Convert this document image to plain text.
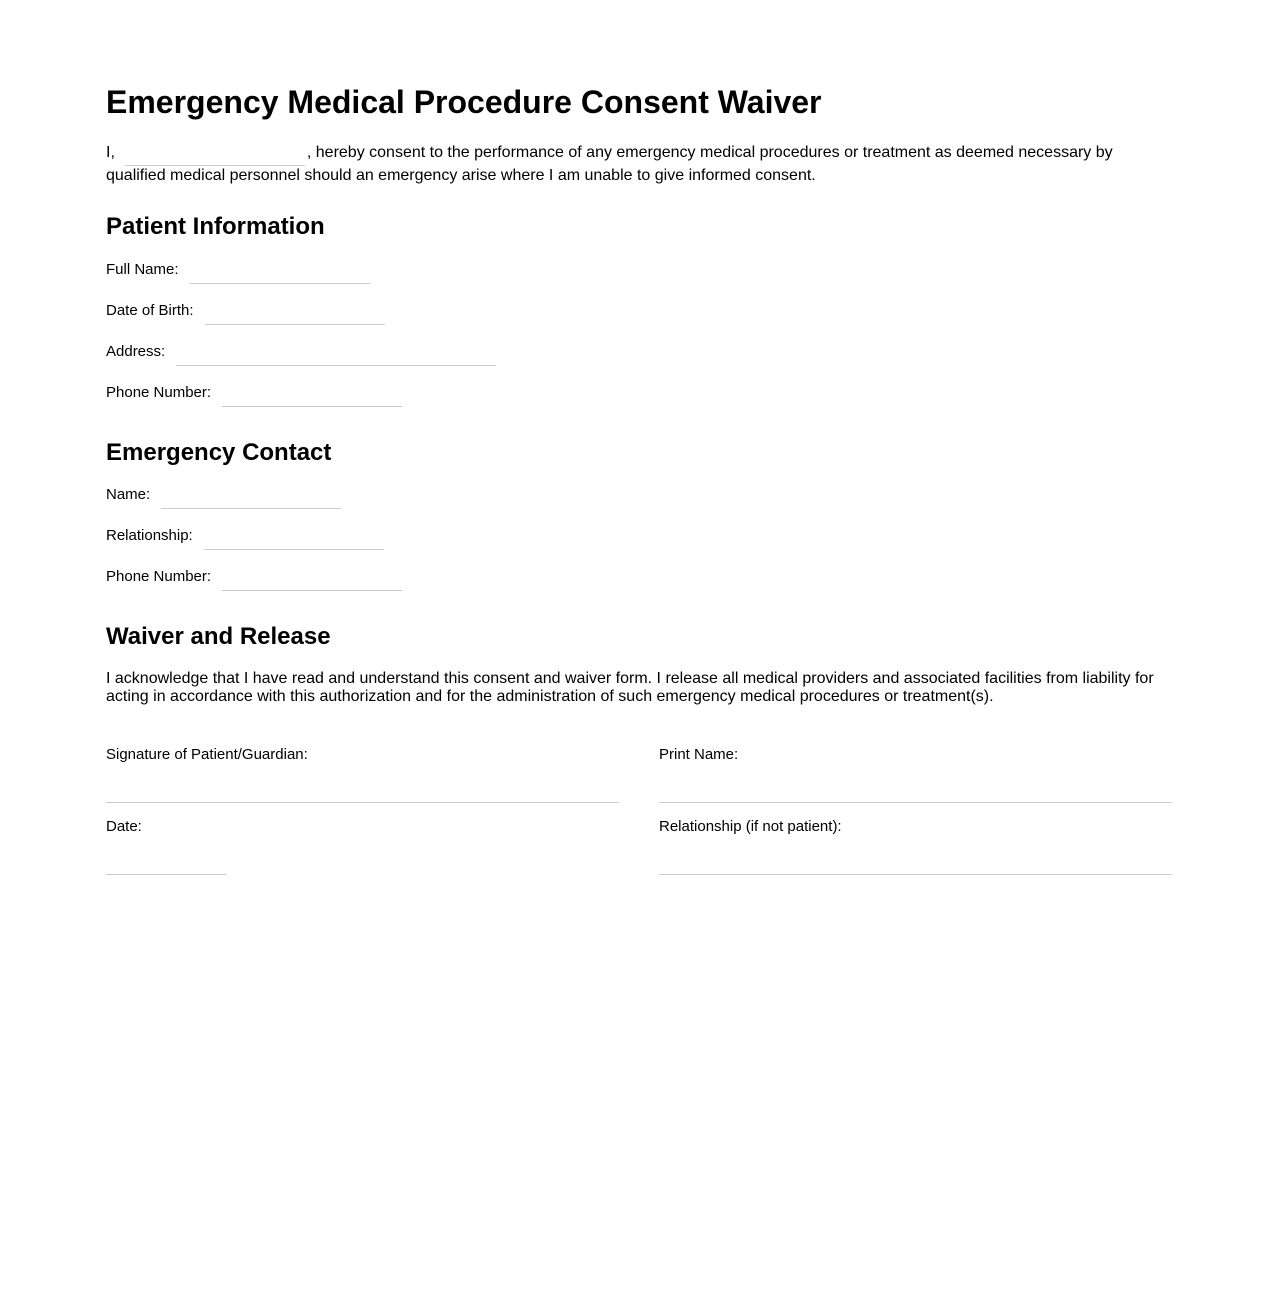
Emergency Medical Procedure Consent Waiver

I,	, hereby consent to the performance of any emergency medical procedures or treatment as deemed necessary by qualified medical personnel should an emergency arise where I am unable to give informed consent.

Patient Information
Full Name:
Date of Birth:
Address:
Phone Number:
Emergency Contact
Name:
Relationship:
Phone Number:
Waiver and Release

I acknowledge that I have read and understand this consent and waiver form. I release all medical providers and associated facilities from liability for acting in accordance with this authorization and for the administration of such emergency medical procedures or treatment(s).

Signature of Patient/Guardian:	Print Name:
Date:	Relationship (if not patient):
